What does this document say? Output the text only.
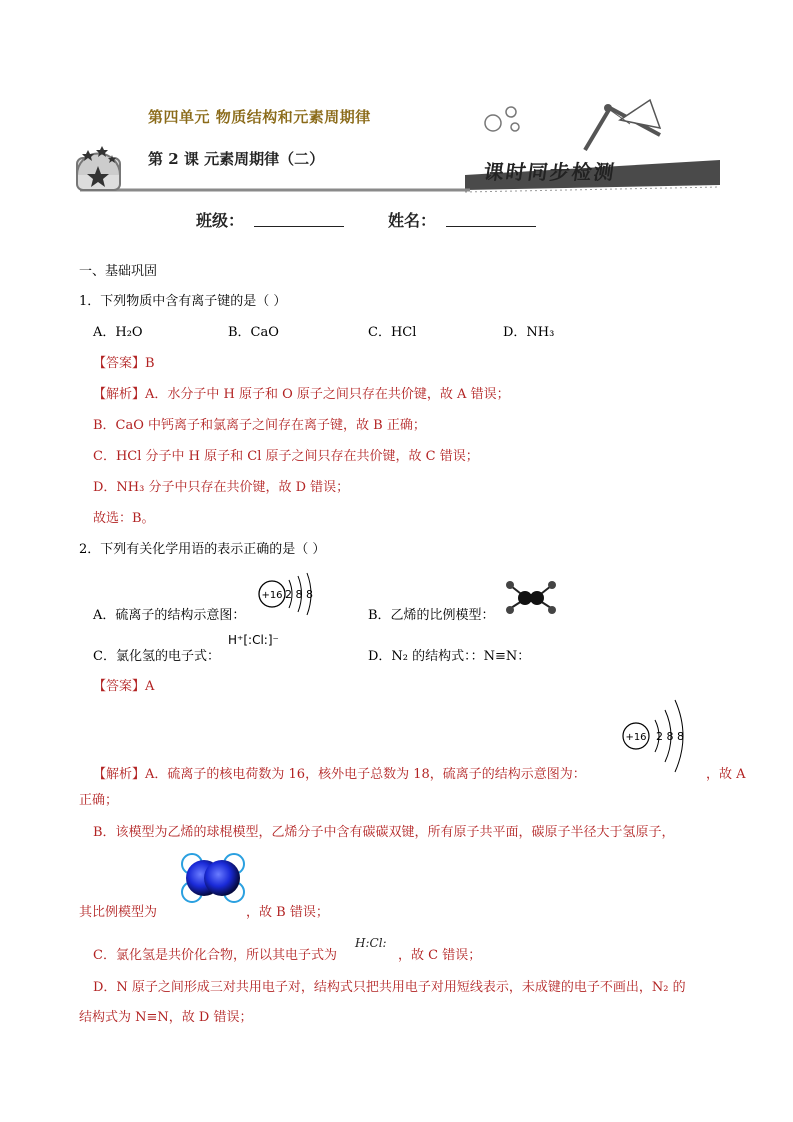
第四单元 物质结构和元素周期律
第 2 课 元素周期律（二）
课时同步检测
班级：	姓名：
一、基础巩固
1．下列物质中含有离子键的是（ ）
A．H₂O	B．CaO	C．HCl	D．NH₃
【答案】B
【解析】A．水分子中 H 原子和 O 原子之间只存在共价键，故 A 错误；
B．CaO 中钙离子和氯离子之间存在离子键，故 B 正确；
C．HCl 分子中 H 原子和 Cl 原子之间只存在共价键，故 C 错误；
D．NH₃ 分子中只存在共价键，故 D 错误；
故选：B。
2．下列有关化学用语的表示正确的是（ ）
A．硫离子的结构示意图：
+16 2 8 8
B．乙烯的比例模型：
C．氯化氢的电子式：
H⁺[:Cl:]⁻
D．N₂ 的结构式：：N≡N：
【答案】A
【解析】A．硫离子的核电荷数为 16，核外电子总数为 18，硫离子的结构示意图为：
+16 2 8 8
，故 A
正确；
B．该模型为乙烯的球棍模型，乙烯分子中含有碳碳双键，所有原子共平面，碳原子半径大于氢原子，
其比例模型为	，故 B 错误；
C．氯化氢是共价化合物，所以其电子式为
H:Cl:
，故 C 错误；
D．N 原子之间形成三对共用电子对，结构式只把共用电子对用短线表示，未成键的电子不画出，N₂ 的
结构式为 N≡N，故 D 错误；
